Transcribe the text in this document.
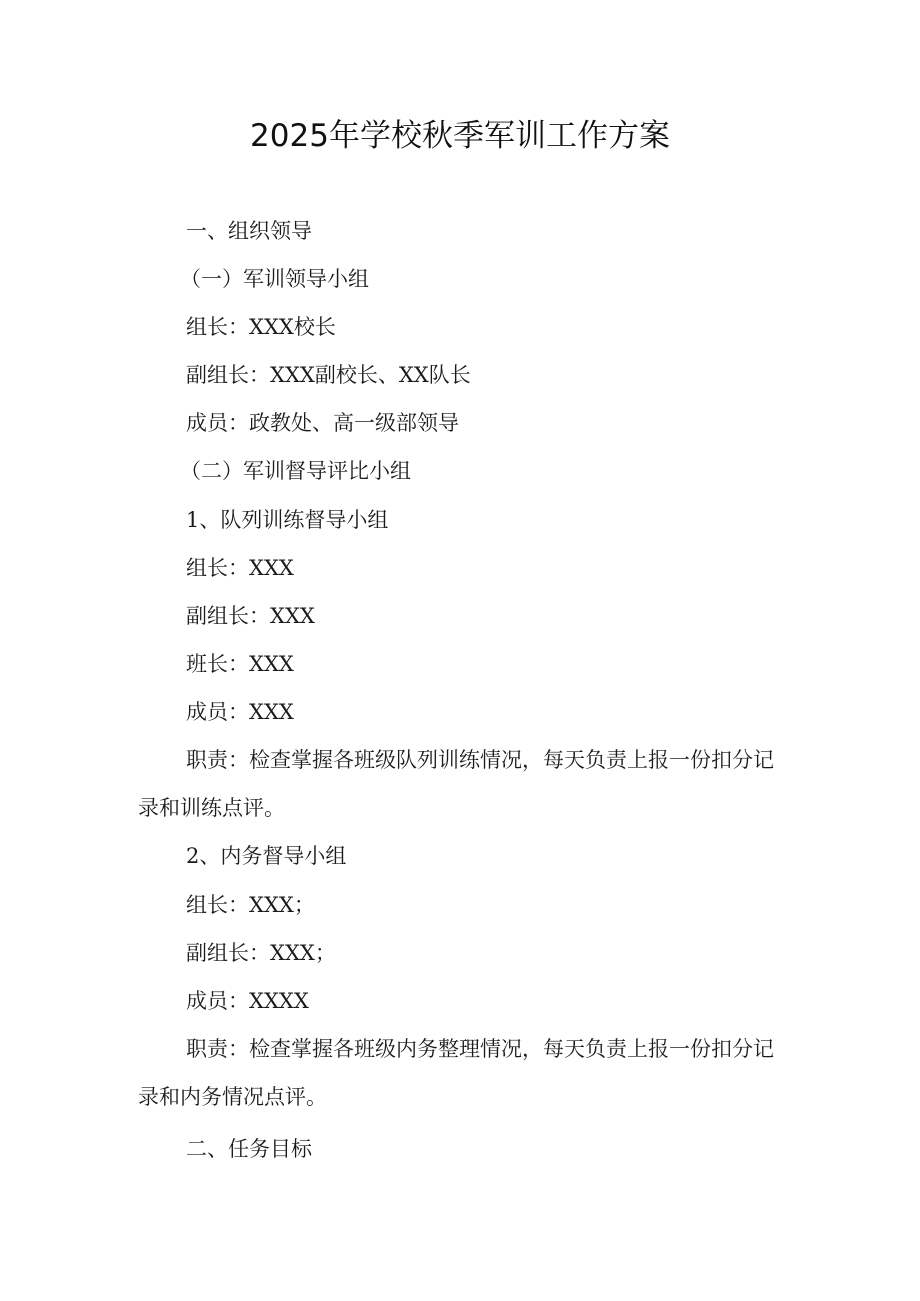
2025年学校秋季军训工作方案
一、组织领导
（一）军训领导小组
组长：XXX校长
副组长：XXX副校长、XX队长
成员：政教处、高一级部领导
（二）军训督导评比小组
1、队列训练督导小组
组长：XXX
副组长：XXX
班长：XXX
成员：XXX
职责：检查掌握各班级队列训练情况，每天负责上报一份扣分记
录和训练点评。
2、内务督导小组
组长：XXX；
副组长：XXX；
成员：XXXX
职责：检查掌握各班级内务整理情况，每天负责上报一份扣分记
录和内务情况点评。
二、任务目标
